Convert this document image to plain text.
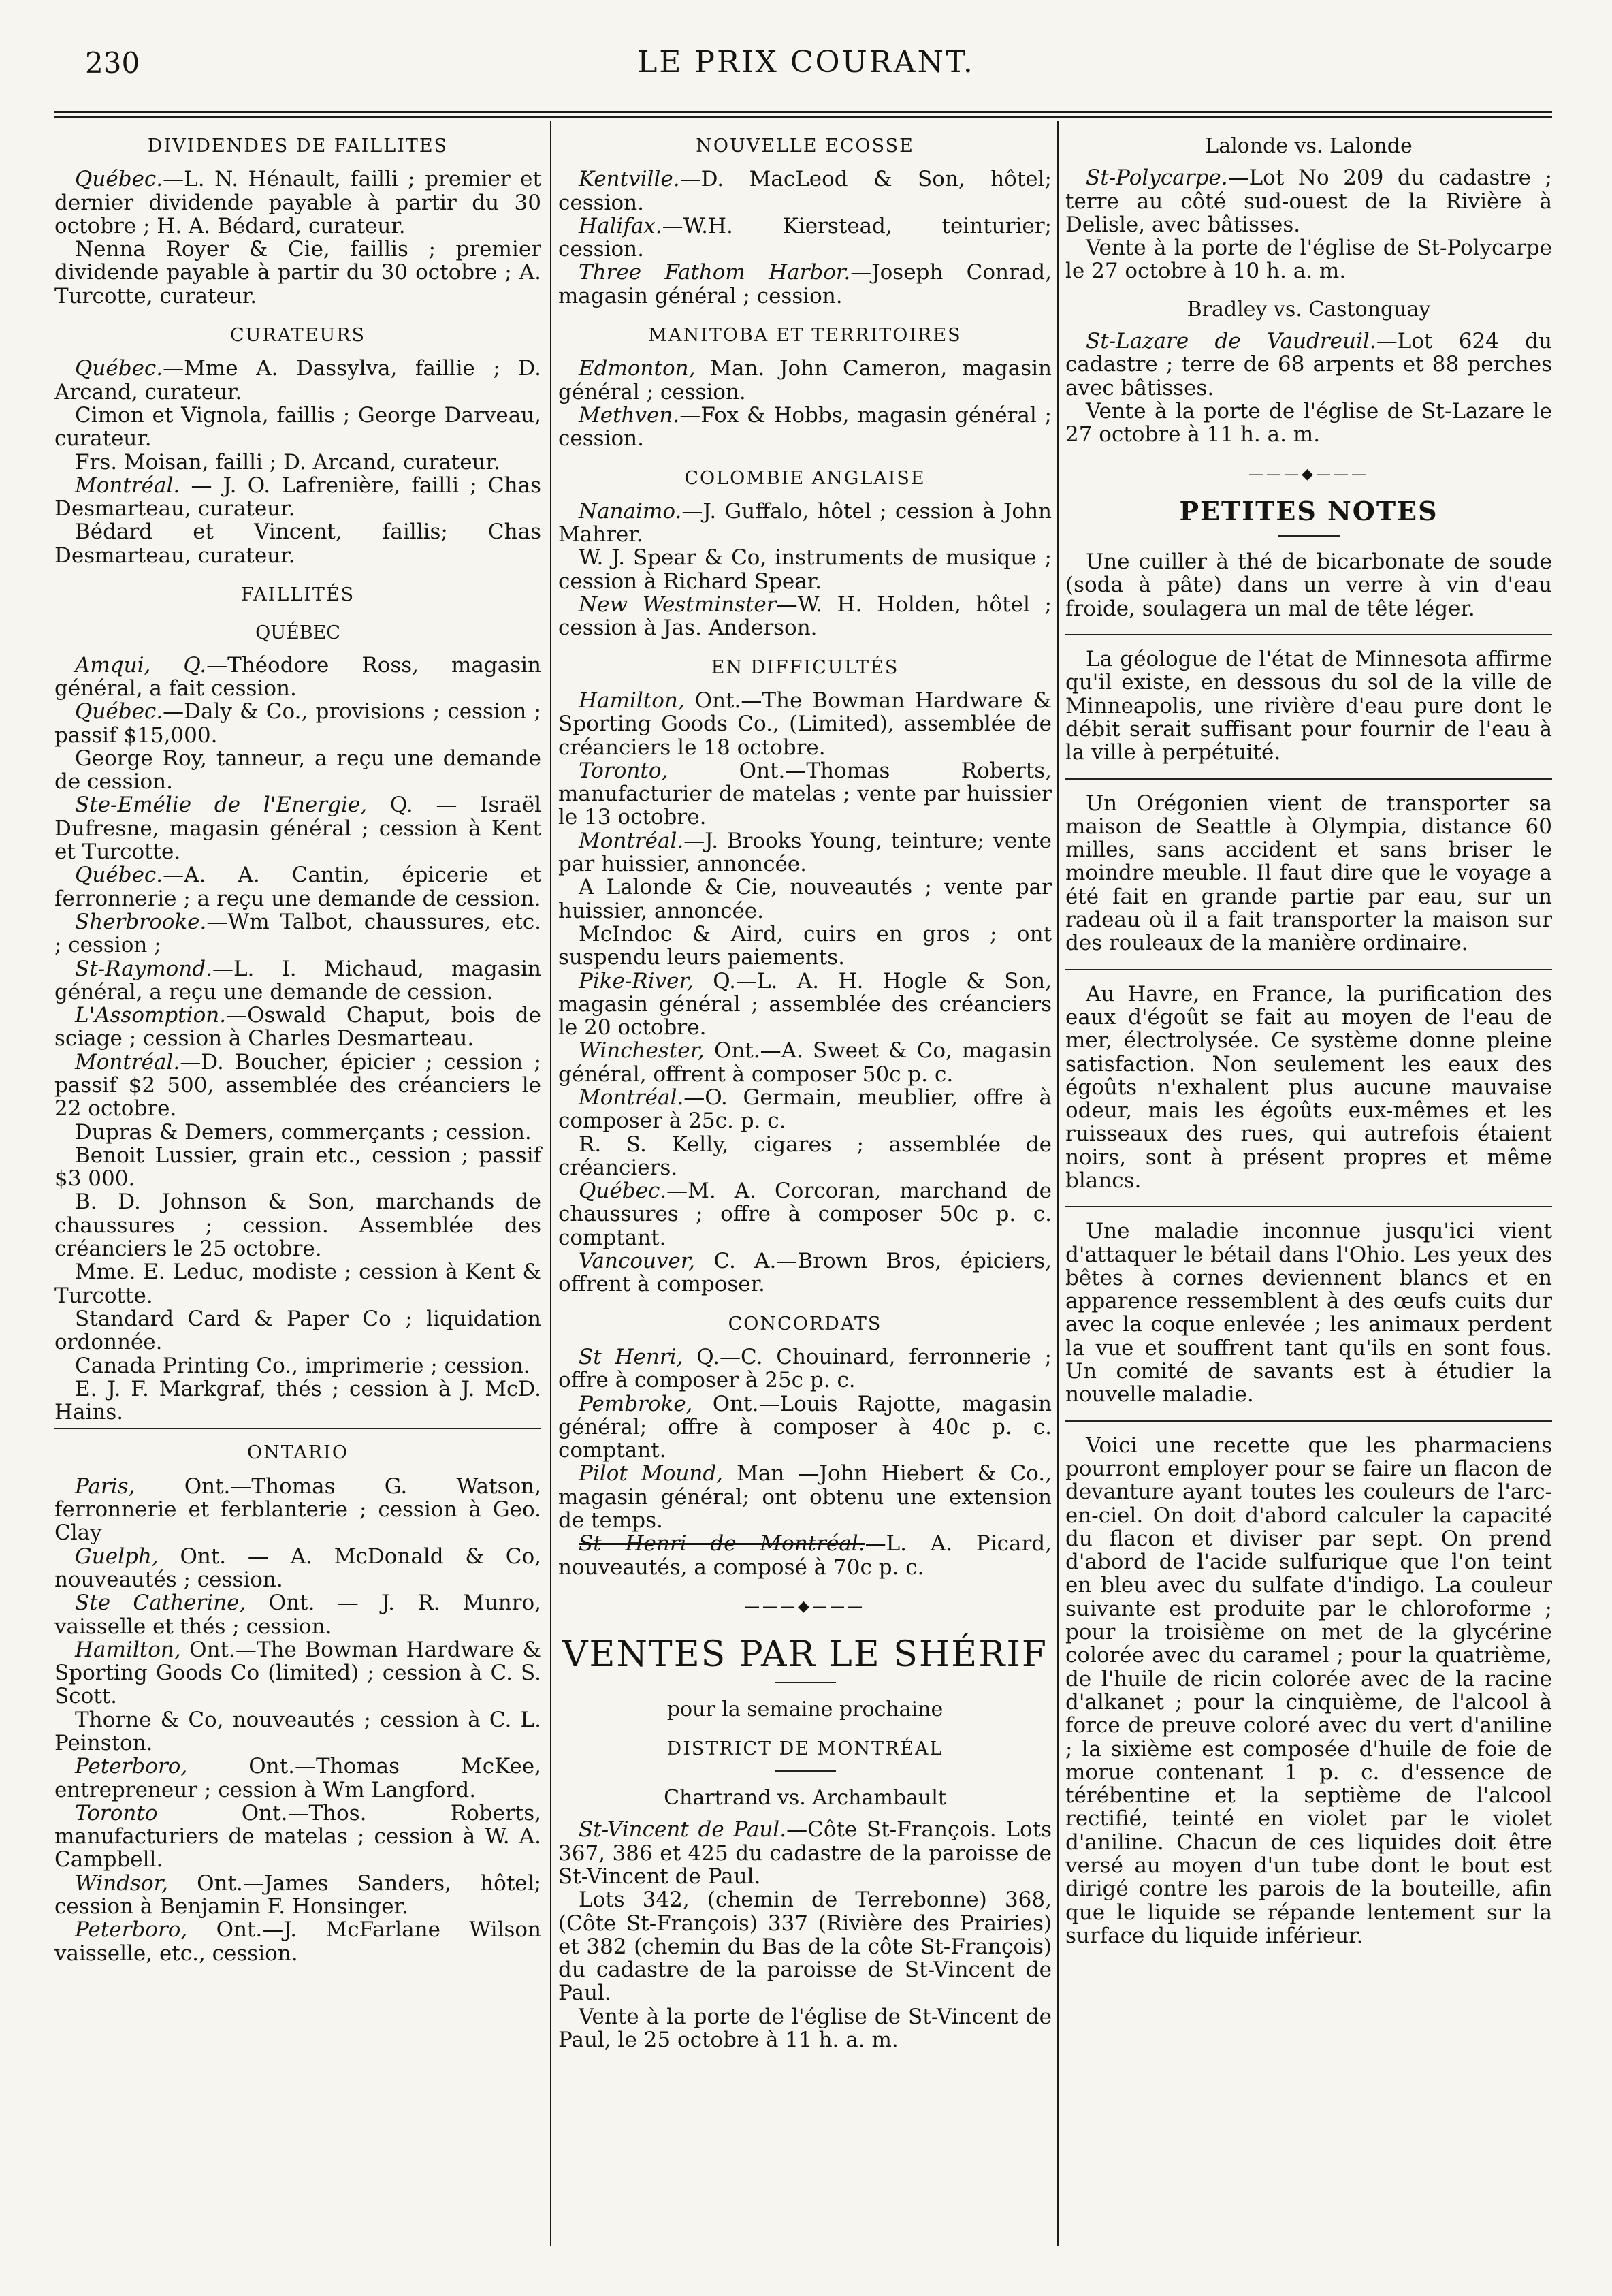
230	LE PRIX COURANT.
DIVIDENDES DE FAILLITES

Québec.—L. N. Hénault, failli ; premier et dernier dividende payable à partir du 30 octobre ; H. A. Bédard, curateur.

Nenna Royer & Cie, faillis ; premier dividende payable à partir du 30 octobre ; A. Turcotte, curateur.

CURATEURS

Québec.—Mme A. Dassylva, faillie ; D. Arcand, curateur.

Cimon et Vignola, faillis ; George Darveau, curateur.

Frs. Moisan, failli ; D. Arcand, curateur.

Montréal. — J. O. Lafrenière, failli ; Chas Desmarteau, curateur.

Bédard et Vincent, faillis; Chas Desmarteau, curateur.

FAILLITÉS
QUÉBEC

Amqui, Q.—Théodore Ross, magasin général, a fait cession.

Québec.—Daly & Co., provisions ; cession ; passif $15,000.

George Roy, tanneur, a reçu une demande de cession.

Ste-Emélie de l'Energie, Q. — Israël Dufresne, magasin général ; cession à Kent et Turcotte.

Québec.—A. A. Cantin, épicerie et ferronnerie ; a reçu une demande de cession.

Sherbrooke.—Wm Talbot, chaussures, etc. ; cession ;

St-Raymond.—L. I. Michaud, magasin général, a reçu une demande de cession.

L'Assomption.—Oswald Chaput, bois de sciage ; cession à Charles Desmarteau.

Montréal.—D. Boucher, épicier ; cession ; passif $2 500, assemblée des créanciers le 22 octobre.

Dupras & Demers, commerçants ; cession.

Benoit Lussier, grain etc., cession ; passif $3 000.

B. D. Johnson & Son, marchands de chaussures ; cession. Assemblée des créanciers le 25 octobre.

Mme. E. Leduc, modiste ; cession à Kent & Turcotte.

Standard Card & Paper Co ; liquidation ordonnée.

Canada Printing Co., imprimerie ; cession.

E. J. F. Markgraf, thés ; cession à J. McD. Hains.

ONTARIO

Paris, Ont.—Thomas G. Watson, ferronnerie et ferblanterie ; cession à Geo. Clay

Guelph, Ont. — A. McDonald & Co, nouveautés ; cession.

Ste Catherine, Ont. — J. R. Munro, vaisselle et thés ; cession.

Hamilton, Ont.—The Bowman Hardware & Sporting Goods Co (limited) ; cession à C. S. Scott.

Thorne & Co, nouveautés ; cession à C. L. Peinston.

Peterboro, Ont.—Thomas McKee, entrepreneur ; cession à Wm Langford.

Toronto Ont.—Thos. Roberts, manufacturiers de matelas ; cession à W. A. Campbell.

Windsor, Ont.—James Sanders, hôtel; cession à Benjamin F. Honsinger.

Peterboro, Ont.—J. McFarlane Wilson vaisselle, etc., cession.

NOUVELLE ECOSSE

Kentville.—D. MacLeod & Son, hôtel; cession.

Halifax.—W.H. Kierstead, teinturier; cession.

Three Fathom Harbor.—Joseph Conrad, magasin général ; cession.

MANITOBA ET TERRITOIRES

Edmonton, Man. John Cameron, magasin général ; cession.

Methven.—Fox & Hobbs, magasin général ; cession.

COLOMBIE ANGLAISE

Nanaimo.—J. Guffalo, hôtel ; cession à John Mahrer.

W. J. Spear & Co, instruments de musique ; cession à Richard Spear.

New Westminster—W. H. Holden, hôtel ; cession à Jas. Anderson.

EN DIFFICULTÉS

Hamilton, Ont.—The Bowman Hardware & Sporting Goods Co., (Limited), assemblée de créanciers le 18 octobre.

Toronto, Ont.—Thomas Roberts, manufacturier de matelas ; vente par huissier le 13 octobre.

Montréal.—J. Brooks Young, teinture; vente par huissier, annoncée.

A Lalonde & Cie, nouveautés ; vente par huissier, annoncée.

McIndoc & Aird, cuirs en gros ; ont suspendu leurs paiements.

Pike-River, Q.—L. A. H. Hogle & Son, magasin général ; assemblée des créanciers le 20 octobre.

Winchester, Ont.—A. Sweet & Co, magasin général, offrent à composer 50c p. c.

Montréal.—O. Germain, meublier, offre à composer à 25c. p. c.

R. S. Kelly, cigares ; assemblée de créanciers.

Québec.—M. A. Corcoran, marchand de chaussures ; offre à composer 50c p. c. comptant.

Vancouver, C. A.—Brown Bros, épiciers, offrent à composer.

CONCORDATS

St Henri, Q.—C. Chouinard, ferronnerie ; offre à composer à 25c p. c.

Pembroke, Ont.—Louis Rajotte, magasin général; offre à composer à 40c p. c. comptant.

Pilot Mound, Man —John Hiebert & Co., magasin général; ont obtenu une extension de temps.

St Henri de Montréal.—L. A. Picard, nouveautés, a composé à 70c p. c.

———◆———
VENTES PAR LE SHÉRIF
pour la semaine prochaine
DISTRICT DE MONTRÉAL
Chartrand vs. Archambault

St-Vincent de Paul.—Côte St-François. Lots 367, 386 et 425 du cadastre de la paroisse de St-Vincent de Paul.

Lots 342, (chemin de Terrebonne) 368, (Côte St-François) 337 (Rivière des Prairies) et 382 (chemin du Bas de la côte St-François) du cadastre de la paroisse de St-Vincent de Paul.

Vente à la porte de l'église de St-Vincent de Paul, le 25 octobre à 11 h. a. m.

Lalonde vs. Lalonde

St-Polycarpe.—Lot No 209 du cadastre ; terre au côté sud-ouest de la Rivière à Delisle, avec bâtisses.

Vente à la porte de l'église de St-Polycarpe le 27 octobre à 10 h. a. m.

Bradley vs. Castonguay

St-Lazare de Vaudreuil.—Lot 624 du cadastre ; terre de 68 arpents et 88 perches avec bâtisses.

Vente à la porte de l'église de St-Lazare le 27 octobre à 11 h. a. m.

———◆———
PETITES NOTES

Une cuiller à thé de bicarbonate de soude (soda à pâte) dans un verre à vin d'eau froide, soulagera un mal de tête léger.

La géologue de l'état de Minnesota affirme qu'il existe, en dessous du sol de la ville de Minneapolis, une rivière d'eau pure dont le débit serait suffisant pour fournir de l'eau à la ville à perpétuité.

Un Orégonien vient de transporter sa maison de Seattle à Olympia, distance 60 milles, sans accident et sans briser le moindre meuble. Il faut dire que le voyage a été fait en grande partie par eau, sur un radeau où il a fait transporter la maison sur des rouleaux de la manière ordinaire.

Au Havre, en France, la purification des eaux d'égoût se fait au moyen de l'eau de mer, électrolysée. Ce système donne pleine satisfaction. Non seulement les eaux des égoûts n'exhalent plus aucune mauvaise odeur, mais les égoûts eux-mêmes et les ruisseaux des rues, qui autrefois étaient noirs, sont à présent propres et même blancs.

Une maladie inconnue jusqu'ici vient d'attaquer le bétail dans l'Ohio. Les yeux des bêtes à cornes deviennent blancs et en apparence ressemblent à des œufs cuits dur avec la coque enlevée ; les animaux perdent la vue et souffrent tant qu'ils en sont fous. Un comité de savants est à étudier la nouvelle maladie.

Voici une recette que les pharmaciens pourront employer pour se faire un flacon de devanture ayant toutes les couleurs de l'arc-en-ciel. On doit d'abord calculer la capacité du flacon et diviser par sept. On prend d'abord de l'acide sulfurique que l'on teint en bleu avec du sulfate d'indigo. La couleur suivante est produite par le chloroforme ; pour la troisième on met de la glycérine colorée avec du caramel ; pour la quatrième, de l'huile de ricin colorée avec de la racine d'alkanet ; pour la cinquième, de l'alcool à force de preuve coloré avec du vert d'aniline ; la sixième est composée d'huile de foie de morue contenant 1 p. c. d'essence de térébentine et la septième de l'alcool rectifié, teinté en violet par le violet d'aniline. Chacun de ces liquides doit être versé au moyen d'un tube dont le bout est dirigé contre les parois de la bouteille, afin que le liquide se répande lentement sur la surface du liquide inférieur.
